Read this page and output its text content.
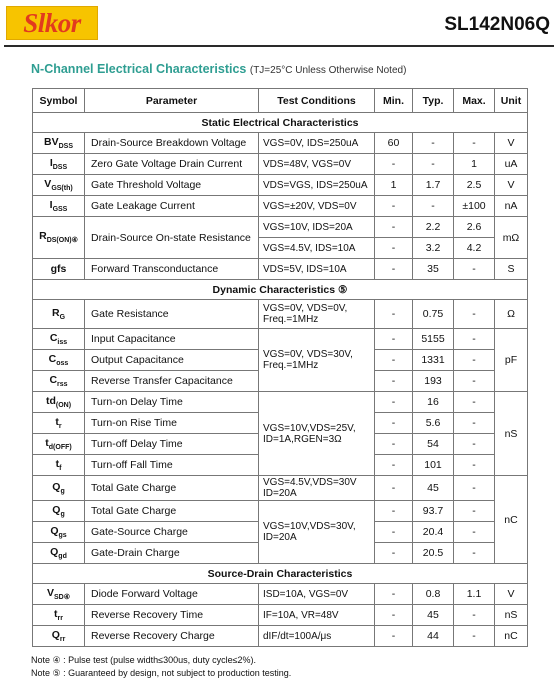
Slkor	SL142N06Q
N-Channel Electrical Characteristics (TJ=25°C Unless Otherwise Noted)
Symbol	Parameter	Test Conditions	Min.	Typ.	Max.	Unit
Static Electrical Characteristics						
$BV_{DSS}$	Drain-Source Breakdown Voltage	VGS=0V, IDS=250uA	60	-	-	V
$I_{DSS}$	Zero Gate Voltage Drain Current	VDS=48V, VGS=0V	-	-	1	uA
$V_{GS(th)}$	Gate Threshold Voltage	VDS=VGS, IDS=250uA	1	1.7	2.5	V
$I_{GSS}$	Gate Leakage Current	VGS=±20V, VDS=0V	-	-	±100	nA
$R_{DS(ON)④}$	Drain-Source On-state Resistance	VGS=10V, IDS=20A	-	2.2	2.6	mΩ
		VGS=4.5V, IDS=10A	-	3.2	4.2	
gfs	Forward Transconductance	VDS=5V, IDS=10A	-	35	-	S
Dynamic Characteristics ⑤						
$R_G$	Gate Resistance	VGS=0V, VDS=0V, Freq.=1MHz	-	0.75	-	Ω
$C_{iss}$	Input Capacitance	VGS=0V, VDS=30V, Freq.=1MHz	-	5155	-	pF
$C_{oss}$	Output Capacitance		-	1331	-	
$C_{rss}$	Reverse Transfer Capacitance		-	193	-	
$td_{(ON)}$	Turn-on Delay Time	VGS=10V,VDS=25V, ID=1A,RGEN=3Ω	-	16	-	nS
$t_r$	Turn-on Rise Time		-	5.6	-	
$t_{d(OFF)}$	Turn-off Delay Time		-	54	-	
$t_f$	Turn-off Fall Time		-	101	-	
$Q_g$	Total Gate Charge	VGS=4.5V,VDS=30V ID=20A	-	45	-	nC
$Q_g$	Total Gate Charge	VGS=10V,VDS=30V, ID=20A	-	93.7	-	
$Q_{gs}$	Gate-Source Charge		-	20.4	-	
$Q_{gd}$	Gate-Drain Charge		-	20.5	-	
Source-Drain Characteristics						
$V_{SD④}$	Diode Forward Voltage	ISD=10A, VGS=0V	-	0.8	1.1	V
$t_{rr}$	Reverse Recovery Time	IF=10A, VR=48V	-	45	-	nS
$Q_{rr}$	Reverse Recovery Charge	dIF/dt=100A/μs	-	44	-	nC
Note ④ : Pulse test (pulse width≤300us, duty cycle≤2%).
Note ⑤ : Guaranteed by design, not subject to production testing.
